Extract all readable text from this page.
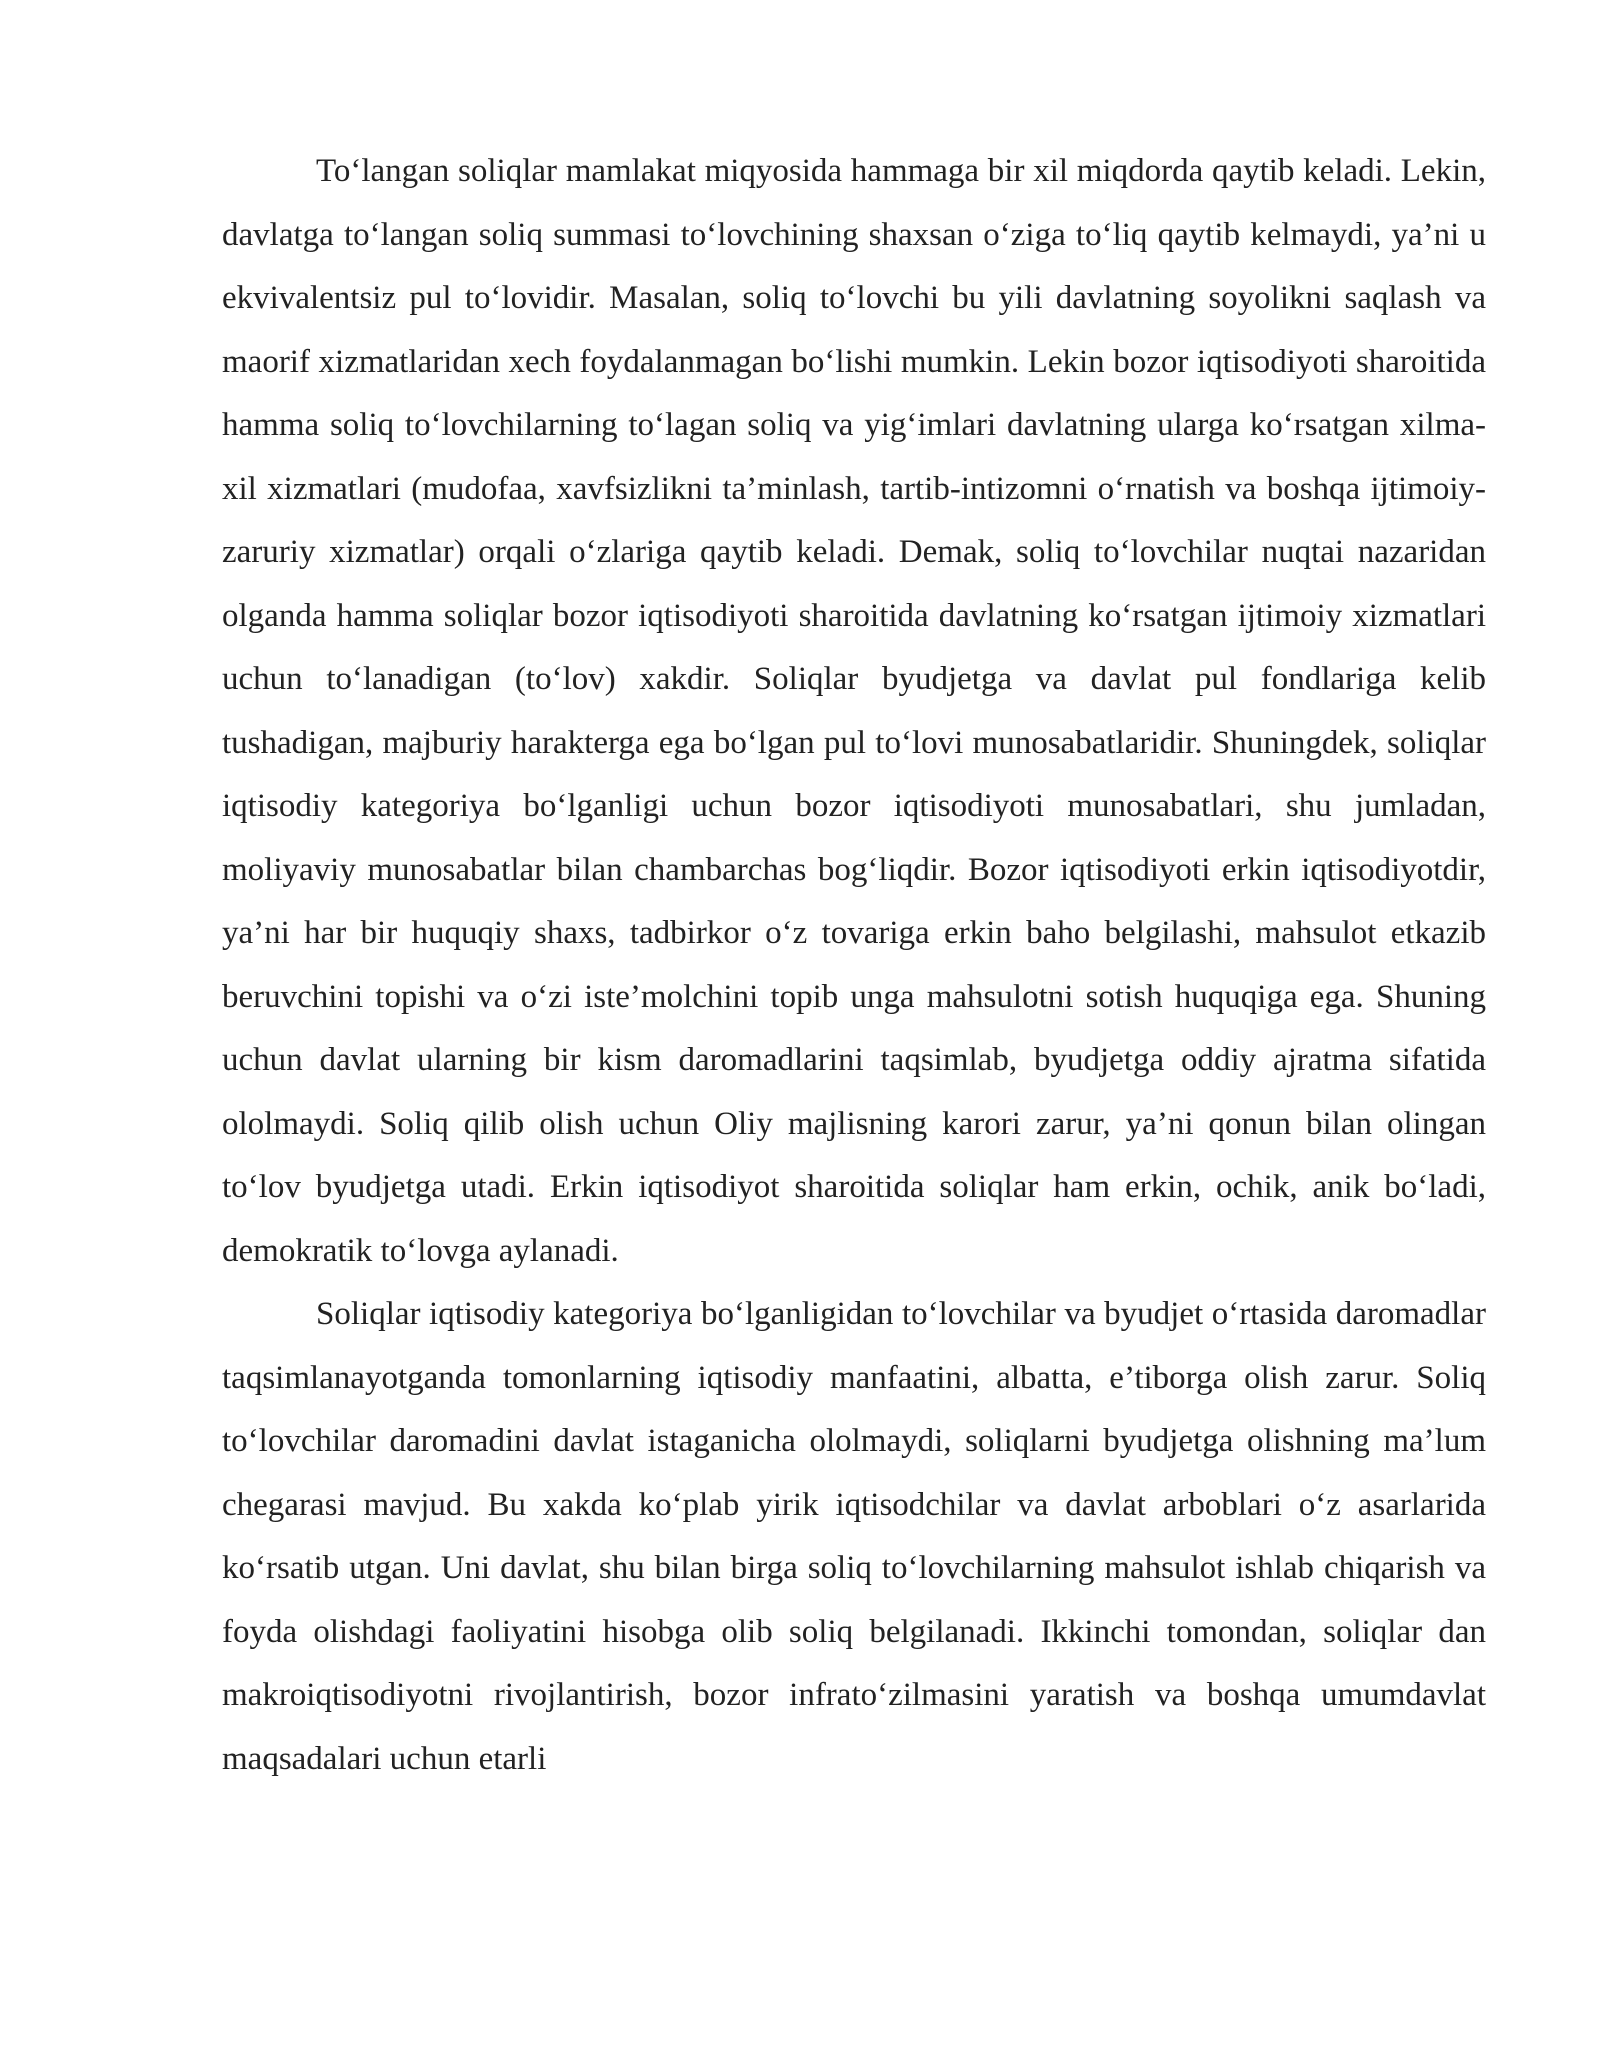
To‘langan soliqlar mamlakat miqyosida hammaga bir xil miqdorda qaytib keladi. Lekin, davlatga to‘langan soliq summasi to‘lovchining shaxsan o‘ziga to‘liq qaytib kelmaydi, ya’ni u ekvivalentsiz pul to‘lovidir. Masalan, soliq to‘lovchi bu yili davlatning soyolikni saqlash va maorif xizmatlaridan xech foydalanmagan bo‘lishi mumkin. Lekin bozor iqtisodiyoti sharoitida hamma soliq to‘lovchilarning to‘lagan soliq va yig‘imlari davlatning ularga ko‘rsatgan xilma-xil xizmatlari (mudofaa, xavfsizlikni ta’minlash, tartib-intizomni o‘rnatish va boshqa ijtimoiy-zaruriy xizmatlar) orqali o‘zlariga qaytib keladi. Demak, soliq to‘lovchilar nuqtai nazaridan olganda hamma soliqlar bozor iqtisodiyoti sharoitida davlatning ko‘rsatgan ijtimoiy xizmatlari uchun to‘lanadigan (to‘lov) xakdir. Soliqlar byudjetga va davlat pul fondlariga kelib tushadigan, majburiy harakterga ega bo‘lgan pul to‘lovi munosabatlaridir. Shuningdek, soliqlar iqtisodiy kategoriya bo‘lganligi uchun bozor iqtisodiyoti munosabatlari, shu jumladan, moliyaviy munosabatlar bilan chambarchas bog‘liqdir. Bozor iqtisodiyoti erkin iqtisodiyotdir, ya’ni har bir huquqiy shaxs, tadbirkor o‘z tovariga erkin baho belgilashi, mahsulot etkazib beruvchini topishi va o‘zi iste’molchini topib unga mahsulotni sotish huquqiga ega. Shuning uchun davlat ularning bir kism daromadlarini taqsimlab, byudjetga oddiy ajratma sifatida ololmaydi. Soliq qilib olish uchun Oliy majlisning karori zarur, ya’ni qonun bilan olingan to‘lov byudjetga utadi. Erkin iqtisodiyot sharoitida soliqlar ham erkin, ochik, anik bo‘ladi, demokratik to‘lovga aylanadi.

Soliqlar iqtisodiy kategoriya bo‘lganligidan to‘lovchilar va byudjet o‘rtasida daromadlar taqsimlanayotganda tomonlarning iqtisodiy manfaatini, albatta, e’tiborga olish zarur. Soliq to‘lovchilar daromadini davlat istaganicha ololmaydi, soliqlarni byudjetga olishning ma’lum chegarasi mavjud. Bu xakda ko‘plab yirik iqtisodchilar va davlat arboblari o‘z asarlarida ko‘rsatib utgan. Uni davlat, shu bilan birga soliq to‘lovchilarning mahsulot ishlab chiqarish va foyda olishdagi faoliyatini hisobga olib soliq belgilanadi. Ikkinchi tomondan, soliqlar dan makroiqtisodiyotni rivojlantirish, bozor infrato‘zilmasini yaratish va boshqa umumdavlat maqsadalari uchun etarli
